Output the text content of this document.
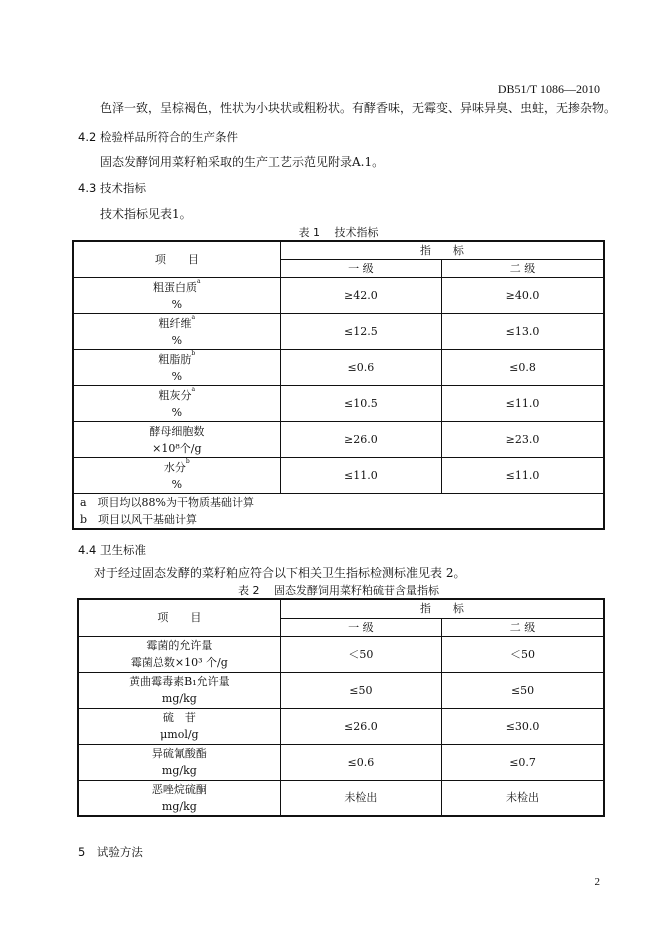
DB51/T 1086—2010
色泽一致，呈棕褐色，性状为小块状或粗粉状。有酵香味，无霉变、异味异臭、虫蛀，无掺杂物。
4.2 检验样品所符合的生产条件
固态发酵饲用菜籽粕采取的生产工艺示范见附录A.1。
4.3 技术指标
技术指标见表1。
表 1　 技术指标
项　　目	指　　标	
	一 级	二 级
粗蛋白质$^a$
%	≥42.0	≥40.0
粗纤维$^a$
%	≤12.5	≤13.0
粗脂肪$^b$
%	≤0.6	≤0.8
粗灰分$^a$
%	≤10.5	≤11.0
酵母细胞数
×10⁸个/g	≥26.0	≥23.0
水分$^b$
%	≤11.0	≤11.0

a　项目均以88%为干物质基础计算
b　项目以风干基础计算		
4.4 卫生标准
对于经过固态发酵的菜籽粕应符合以下相关卫生指标检测标准见表 2。
表 2　 固态发酵饲用菜籽粕硫苷含量指标
项　　目	指　　标	
	一 级	二 级
霉菌的允许量
霉菌总数×10³ 个/g	＜50	＜50
黄曲霉毒素B₁允许量
mg/kg	≤50	≤50
硫　苷
μmol/g	≤26.0	≤30.0
异硫氰酸酯
mg/kg	≤0.6	≤0.7
恶唑烷硫酮
mg/kg	未检出	未检出
5　试验方法
2
